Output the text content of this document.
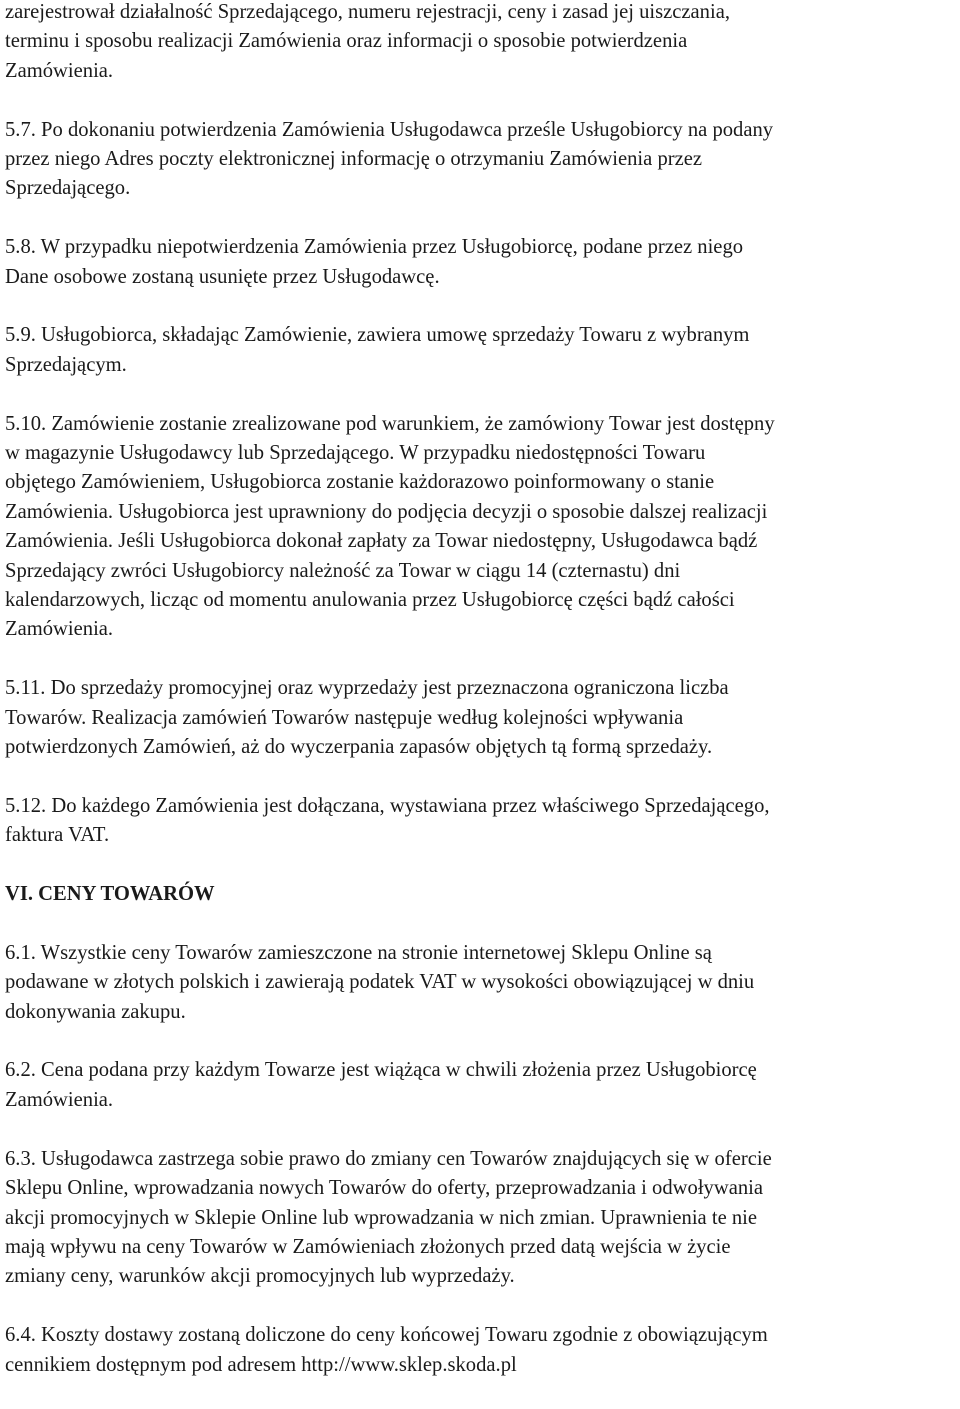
zarejestrował działalność Sprzedającego, numeru rejestracji, ceny i zasad jej uiszczania,
terminu i sposobu realizacji Zamówienia oraz informacji o sposobie potwierdzenia
Zamówienia.
5.7. Po dokonaniu potwierdzenia Zamówienia Usługodawca prześle Usługobiorcy na podany
przez niego Adres poczty elektronicznej informację o otrzymaniu Zamówienia przez
Sprzedającego.
5.8. W przypadku niepotwierdzenia Zamówienia przez Usługobiorcę, podane przez niego
Dane osobowe zostaną usunięte przez Usługodawcę.
5.9. Usługobiorca, składając Zamówienie, zawiera umowę sprzedaży Towaru z wybranym
Sprzedającym.
5.10. Zamówienie zostanie zrealizowane pod warunkiem, że zamówiony Towar jest dostępny
w magazynie Usługodawcy lub Sprzedającego. W przypadku niedostępności Towaru
objętego Zamówieniem, Usługobiorca zostanie każdorazowo poinformowany o stanie
Zamówienia. Usługobiorca jest uprawniony do podjęcia decyzji o sposobie dalszej realizacji
Zamówienia. Jeśli Usługobiorca dokonał zapłaty za Towar niedostępny, Usługodawca bądź
Sprzedający zwróci Usługobiorcy należność za Towar w ciągu 14 (czternastu) dni
kalendarzowych, licząc od momentu anulowania przez Usługobiorcę części bądź całości
Zamówienia.
5.11. Do sprzedaży promocyjnej oraz wyprzedaży jest przeznaczona ograniczona liczba
Towarów. Realizacja zamówień Towarów następuje według kolejności wpływania
potwierdzonych Zamówień, aż do wyczerpania zapasów objętych tą formą sprzedaży.
5.12. Do każdego Zamówienia jest dołączana, wystawiana przez właściwego Sprzedającego,
faktura VAT.
VI. CENY TOWARÓW
6.1. Wszystkie ceny Towarów zamieszczone na stronie internetowej Sklepu Online są
podawane w złotych polskich i zawierają podatek VAT w wysokości obowiązującej w dniu
dokonywania zakupu.
6.2. Cena podana przy każdym Towarze jest wiążąca w chwili złożenia przez Usługobiorcę
Zamówienia.
6.3. Usługodawca zastrzega sobie prawo do zmiany cen Towarów znajdujących się w ofercie
Sklepu Online, wprowadzania nowych Towarów do oferty, przeprowadzania i odwoływania
akcji promocyjnych w Sklepie Online lub wprowadzania w nich zmian. Uprawnienia te nie
mają wpływu na ceny Towarów w Zamówieniach złożonych przed datą wejścia w życie
zmiany ceny, warunków akcji promocyjnych lub wyprzedaży.
6.4. Koszty dostawy zostaną doliczone do ceny końcowej Towaru zgodnie z obowiązującym
cennikiem dostępnym pod adresem http://www.sklep.skoda.pl
